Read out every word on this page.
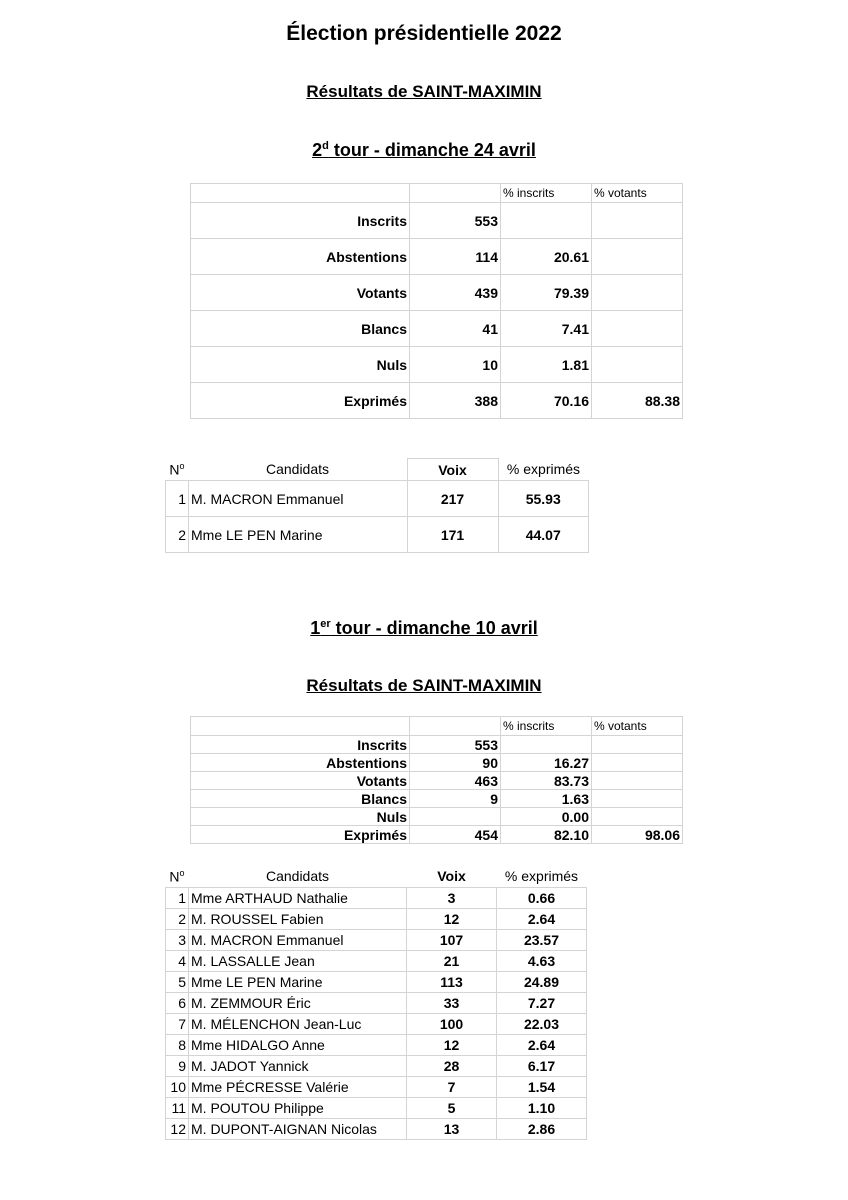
Élection présidentielle 2022
Résultats de SAINT-MAXIMIN
2$^d$ tour - dimanche 24 avril
		% inscrits	% votants
Inscrits	553		
Abstentions	114	20.61	
Votants	439	79.39	
Blancs	41	7.41	
Nuls	10	1.81	
Exprimés	388	70.16	88.38
$N^o$	Candidats	Voix	% exprimés
1	M. MACRON Emmanuel	217	55.93
2	Mme LE PEN Marine	171	44.07
1er tour - dimanche 10 avril
Résultats de SAINT-MAXIMIN
		% inscrits	% votants
Inscrits	553		
Abstentions	90	16.27	
Votants	463	83.73	
Blancs	9	1.63	
Nuls		0.00	
Exprimés	454	82.10	98.06
$N^o$	Candidats	Voix	% exprimés
1	Mme ARTHAUD Nathalie	3	0.66
2	M. ROUSSEL Fabien	12	2.64
3	M. MACRON Emmanuel	107	23.57
4	M. LASSALLE Jean	21	4.63
5	Mme LE PEN Marine	113	24.89
6	M. ZEMMOUR Éric	33	7.27
7	M. MÉLENCHON Jean-Luc	100	22.03
8	Mme HIDALGO Anne	12	2.64
9	M. JADOT Yannick	28	6.17
10	Mme PÉCRESSE Valérie	7	1.54
11	M. POUTOU Philippe	5	1.10
12	M. DUPONT-AIGNAN Nicolas	13	2.86
